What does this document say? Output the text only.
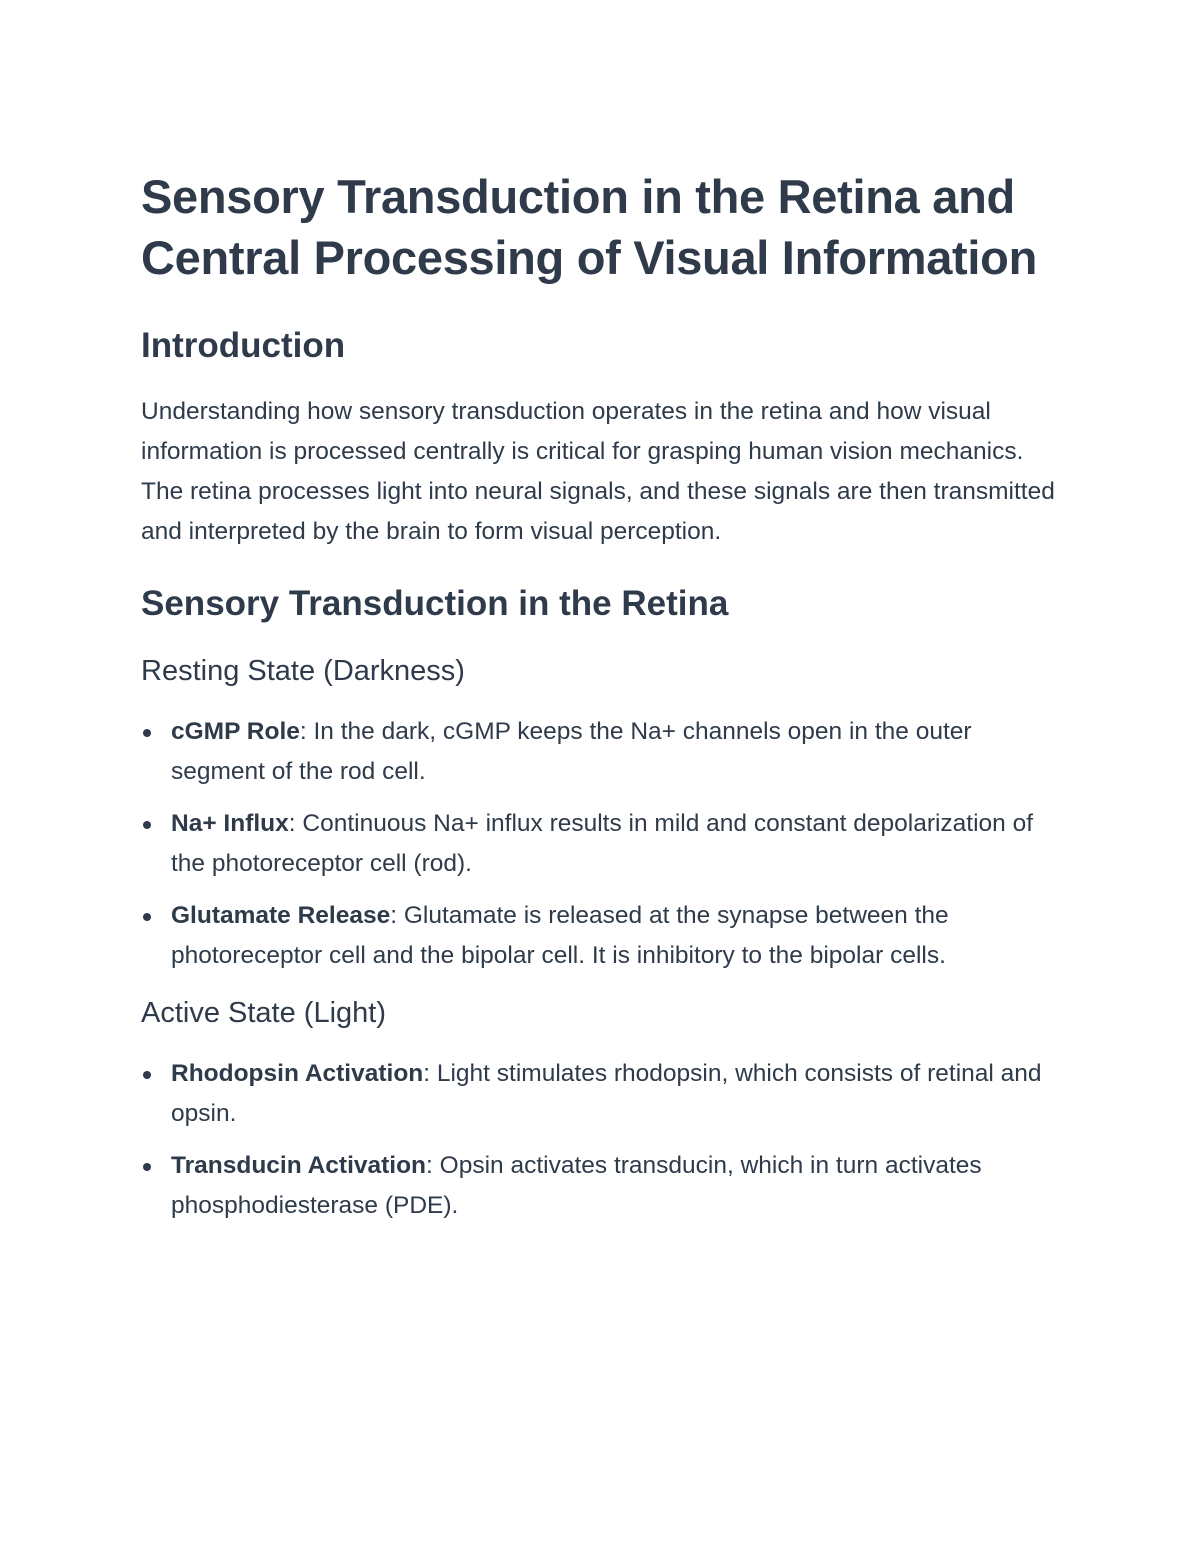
Sensory Transduction in the Retina and Central Processing of Visual Information
Introduction

Understanding how sensory transduction operates in the retina and how visual information is processed centrally is critical for grasping human vision mechanics. The retina processes light into neural signals, and these signals are then transmitted and interpreted by the brain to form visual perception.

Sensory Transduction in the Retina
Resting State (Darkness)
cGMP Role: In the dark, cGMP keeps the Na+ channels open in the outer segment of the rod cell.
Na+ Influx: Continuous Na+ influx results in mild and constant depolarization of the photoreceptor cell (rod).
Glutamate Release: Glutamate is released at the synapse between the photoreceptor cell and the bipolar cell. It is inhibitory to the bipolar cells.
Active State (Light)
Rhodopsin Activation: Light stimulates rhodopsin, which consists of retinal and opsin.
Transducin Activation: Opsin activates transducin, which in turn activates phosphodiesterase (PDE).
